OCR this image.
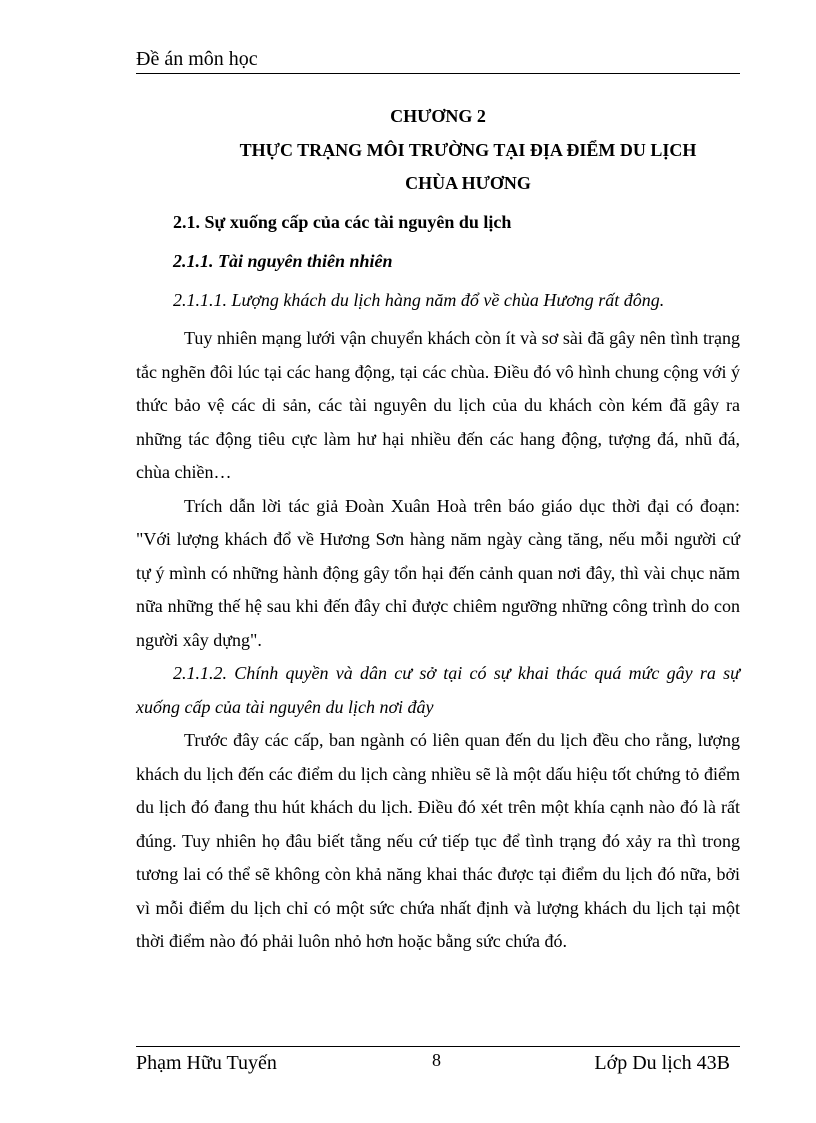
Đề án môn học

CHƯƠNG 2

THỰC TRẠNG MÔI TRƯỜNG TẠI ĐỊA ĐIỂM DU LỊCH

CHÙA HƯƠNG

2.1. Sự xuống cấp của các tài nguyên du lịch

2.1.1. Tài nguyên thiên nhiên

2.1.1.1. Lượng khách du lịch hàng năm đổ về chùa Hương rất đông.

Tuy nhiên mạng lưới vận chuyển khách còn ít và sơ sài đã gây nên tình trạng tắc nghẽn đôi lúc tại các hang động, tại các chùa. Điều đó vô hình chung cộng với ý thức bảo vệ các di sản, các tài nguyên du lịch của du khách còn kém đã gây ra những tác động tiêu cực làm hư hại nhiều đến các hang động, tượng đá, nhũ đá, chùa chiền…

Trích dẫn lời tác giả Đoàn Xuân Hoà trên báo giáo dục thời đại có đoạn: "Với lượng khách đổ về Hương Sơn hàng năm ngày càng tăng, nếu mỗi người cứ tự ý mình có những hành động gây tổn hại đến cảnh quan nơi đây, thì vài chục năm nữa những thế hệ sau khi đến đây chỉ được chiêm ngưỡng những công trình do con người xây dựng".

2.1.1.2. Chính quyền và dân cư sở tại có sự khai thác quá mức gây ra sự xuống cấp của tài nguyên du lịch nơi đây

Trước đây các cấp, ban ngành có liên quan đến du lịch đều cho rằng, lượng khách du lịch đến các điểm du lịch càng nhiều sẽ là một dấu hiệu tốt chứng tỏ điểm du lịch đó đang thu hút khách du lịch. Điều đó xét trên một khía cạnh nào đó là rất đúng. Tuy nhiên họ đâu biết tằng nếu cứ tiếp tục để tình trạng đó xảy ra thì trong tương lai có thể sẽ không còn khả năng khai thác được tại điểm du lịch đó nữa, bởi vì mỗi điểm du lịch chỉ có một sức chứa nhất định và lượng khách du lịch tại một thời điểm nào đó phải luôn nhỏ hơn hoặc bằng sức chứa đó.

Phạm Hữu Tuyến	8	Lớp Du lịch 43B
